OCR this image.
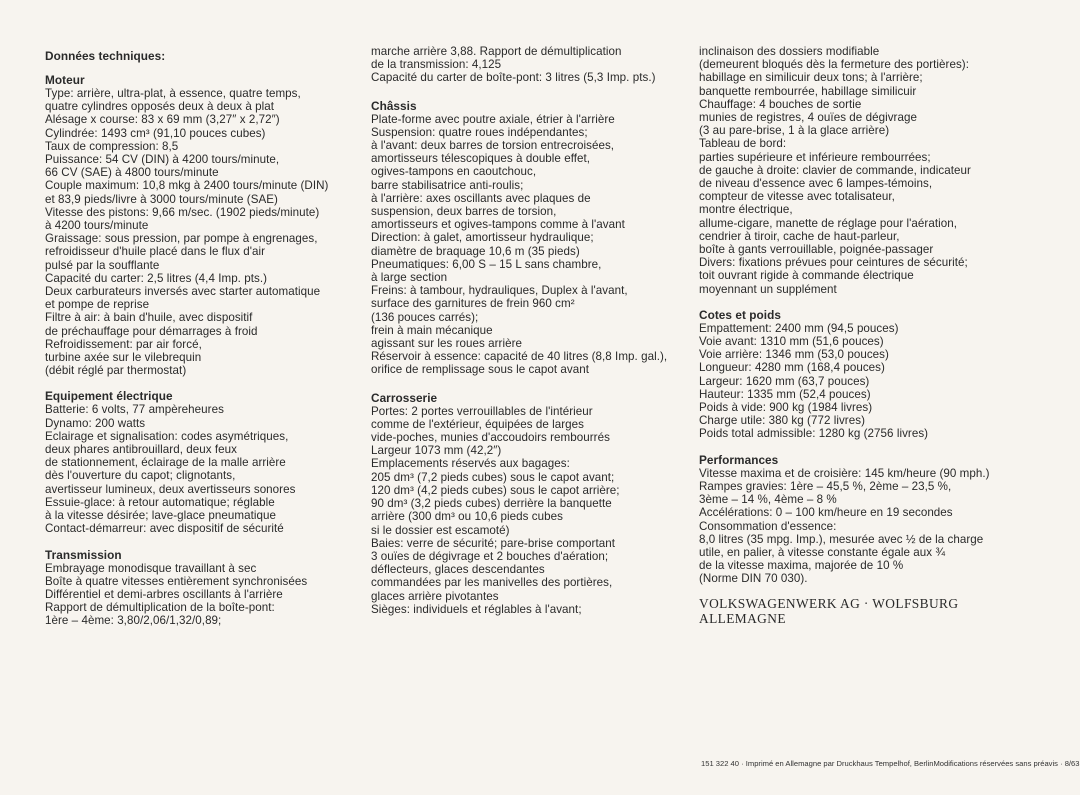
Données techniques:
Moteur
Type: arrière, ultra-plat, à essence, quatre temps,
quatre cylindres opposés deux à deux à plat
Alésage x course: 83 x 69 mm (3,27″ x 2,72″)
Cylindrée: 1493 cm³ (91,10 pouces cubes)
Taux de compression: 8,5
Puissance: 54 CV (DIN) à 4200 tours/minute,
66 CV (SAE) à 4800 tours/minute
Couple maximum: 10,8 mkg à 2400 tours/minute (DIN)
et 83,9 pieds/livre à 3000 tours/minute (SAE)
Vitesse des pistons: 9,66 m/sec. (1902 pieds/minute)
à 4200 tours/minute
Graissage: sous pression, par pompe à engrenages,
refroidisseur d'huile placé dans le flux d'air
pulsé par la soufflante
Capacité du carter: 2,5 litres (4,4 Imp. pts.)
Deux carburateurs inversés avec starter automatique
et pompe de reprise
Filtre à air: à bain d'huile, avec dispositif
de préchauffage pour démarrages à froid
Refroidissement: par air forcé,
turbine axée sur le vilebrequin
(débit réglé par thermostat)
Equipement électrique
Batterie: 6 volts, 77 ampèreheures
Dynamo: 200 watts
Eclairage et signalisation: codes asymétriques,
deux phares antibrouillard, deux feux
de stationnement, éclairage de la malle arrière
dès l'ouverture du capot; clignotants,
avertisseur lumineux, deux avertisseurs sonores
Essuie-glace: à retour automatique; réglable
à la vitesse désirée; lave-glace pneumatique
Contact-démarreur: avec dispositif de sécurité
Transmission
Embrayage monodisque travaillant à sec
Boîte à quatre vitesses entièrement synchronisées
Différentiel et demi-arbres oscillants à l'arrière
Rapport de démultiplication de la boîte-pont:
1ère – 4ème: 3,80/2,06/1,32/0,89;
marche arrière 3,88. Rapport de démultiplication
de la transmission: 4,125
Capacité du carter de boîte-pont: 3 litres (5,3 Imp. pts.)
Châssis
Plate-forme avec poutre axiale, étrier à l'arrière
Suspension: quatre roues indépendantes;
à l'avant: deux barres de torsion entrecroisées,
amortisseurs télescopiques à double effet,
ogives-tampons en caoutchouc,
barre stabilisatrice anti-roulis;
à l'arrière: axes oscillants avec plaques de
suspension, deux barres de torsion,
amortisseurs et ogives-tampons comme à l'avant
Direction: à galet, amortisseur hydraulique;
diamètre de braquage 10,6 m (35 pieds)
Pneumatiques: 6,00 S – 15 L sans chambre,
à large section
Freins: à tambour, hydrauliques, Duplex à l'avant,
surface des garnitures de frein 960 cm²
(136 pouces carrés);
frein à main mécanique
agissant sur les roues arrière
Réservoir à essence: capacité de 40 litres (8,8 Imp. gal.),
orifice de remplissage sous le capot avant
Carrosserie
Portes: 2 portes verrouillables de l'intérieur
comme de l'extérieur, équipées de larges
vide-poches, munies d'accoudoirs rembourrés
Largeur 1073 mm (42,2″)
Emplacements réservés aux bagages:
205 dm³ (7,2 pieds cubes) sous le capot avant;
120 dm³ (4,2 pieds cubes) sous le capot arrière;
90 dm³ (3,2 pieds cubes) derrière la banquette
arrière (300 dm³ ou 10,6 pieds cubes
si le dossier est escamoté)
Baies: verre de sécurité; pare-brise comportant
3 ouïes de dégivrage et 2 bouches d'aération;
déflecteurs, glaces descendantes
commandées par les manivelles des portières,
glaces arrière pivotantes
Sièges: individuels et réglables à l'avant;
inclinaison des dossiers modifiable
(demeurent bloqués dès la fermeture des portières):
habillage en similicuir deux tons; à l'arrière;
banquette rembourrée, habillage similicuir
Chauffage: 4 bouches de sortie
munies de registres, 4 ouïes de dégivrage
(3 au pare-brise, 1 à la glace arrière)
Tableau de bord:
parties supérieure et inférieure rembourrées;
de gauche à droite: clavier de commande, indicateur
de niveau d'essence avec 6 lampes-témoins,
compteur de vitesse avec totalisateur,
montre électrique,
allume-cigare, manette de réglage pour l'aération,
cendrier à tiroir, cache de haut-parleur,
boîte à gants verrouillable, poignée-passager
Divers: fixations prévues pour ceintures de sécurité;
toit ouvrant rigide à commande électrique
moyennant un supplément
Cotes et poids
Empattement: 2400 mm (94,5 pouces)
Voie avant: 1310 mm (51,6 pouces)
Voie arrière: 1346 mm (53,0 pouces)
Longueur: 4280 mm (168,4 pouces)
Largeur: 1620 mm (63,7 pouces)
Hauteur: 1335 mm (52,4 pouces)
Poids à vide: 900 kg (1984 livres)
Charge utile: 380 kg (772 livres)
Poids total admissible: 1280 kg (2756 livres)
Performances
Vitesse maxima et de croisière: 145 km/heure (90 mph.)
Rampes gravies: 1ère – 45,5 %, 2ème – 23,5 %,
3ème – 14 %, 4ème – 8 %
Accélérations: 0 – 100 km/heure en 19 secondes
Consommation d'essence:
8,0 litres (35 mpg. Imp.), mesurée avec ½ de la charge
utile, en palier, à vitesse constante égale aux ¾
de la vitesse maxima, majorée de 10 %
(Norme DIN 70 030).
VOLKSWAGENWERK AG · WOLFSBURG
ALLEMAGNE
151 322 40 · Imprimé en Allemagne par Druckhaus Tempelhof, BerlinModifications réservées sans préavis · 8/63
